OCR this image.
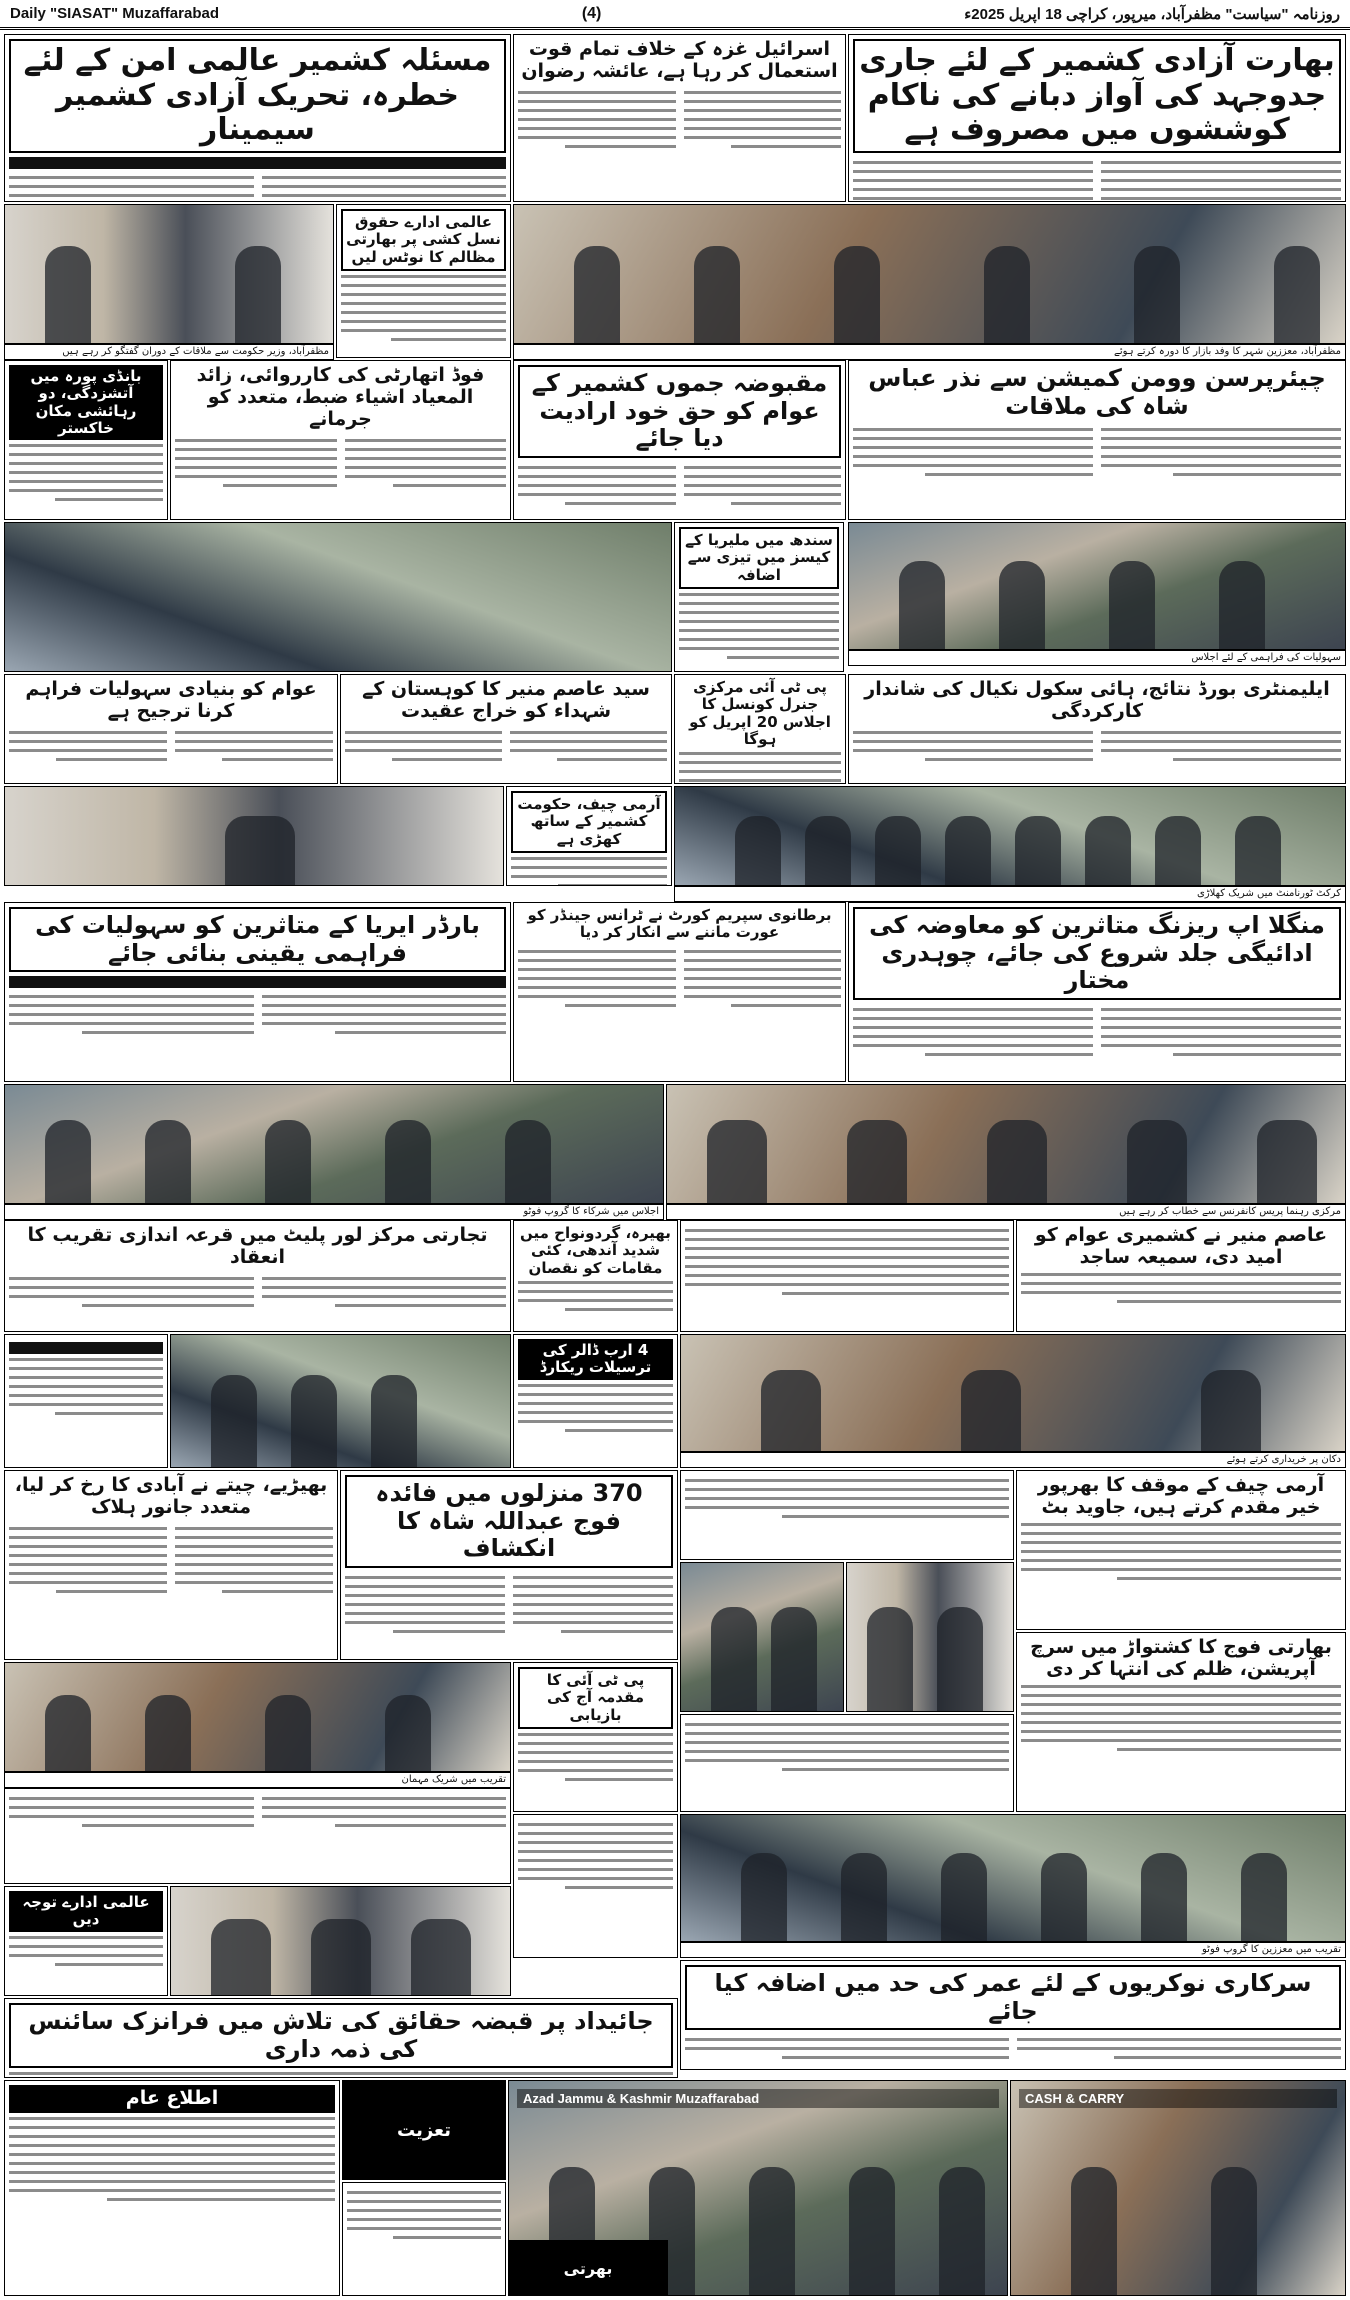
Daily "SIASAT" Muzaffarabad	(4)	روزنامہ "سیاست" مظفرآباد، میرپور، کراچی 18 اپریل 2025ء
بھارت آزادی کشمیر کے لئے جاری جدوجہد کی آواز دبانے کی ناکام کوششوں میں مصروف ہے
اسرائیل غزہ کے خلاف تمام قوت استعمال کر رہا ہے، عائشہ رضوان
مسئلہ کشمیر عالمی امن کے لئے خطرہ، تحریک آزادی کشمیر سیمینار
مظفرآباد، معززین شہر کا وفد بازار کا دورہ کرتے ہوئے
مظفرآباد، وزیر حکومت سے ملاقات کے دوران گفتگو کر رہے ہیں
عالمی ادارے حقوق نسل کشی پر بھارتی مظالم کا نوٹس لیں
چیئرپرسن وومن کمیشن سے نذر عباس شاہ کی ملاقات
مقبوضہ جموں کشمیر کے عوام کو حق خود ارادیت دیا جائے
فوڈ اتھارٹی کی کارروائی، زائد المعیاد اشیاء ضبط، متعدد کو جرمانے
بانڈی پورہ میں آتشزدگی، دو رہائشی مکان خاکستر
سندھ میں ملیریا کے کیسز میں تیزی سے اضافہ
سہولیات کی فراہمی کے لئے اجلاس
ایلیمنٹری بورڈ نتائج، ہائی سکول نکیال کی شاندار کارکردگی
پی ٹی آئی مرکزی جنرل کونسل کا اجلاس 20 اپریل کو ہوگا
سید عاصم منیر کا کوہستان کے شہداء کو خراج عقیدت
عوام کو بنیادی سہولیات فراہم کرنا ترجیح ہے
آرمی چیف، حکومت کشمیر کے ساتھ کھڑی ہے
کرکٹ ٹورنامنٹ میں شریک کھلاڑی
منگلا اپ ریزنگ متاثرین کو معاوضہ کی ادائیگی جلد شروع کی جائے، چوہدری مختار
برطانوی سپریم کورٹ نے ٹرانس جینڈر کو عورت ماننے سے انکار کر دیا
بارڈر ایریا کے متاثرین کو سہولیات کی فراہمی یقینی بنائی جائے
اجلاس میں شرکاء کا گروپ فوٹو	مرکزی رہنما پریس کانفرنس سے خطاب کر رہے ہیں
عاصم منیر نے کشمیری عوام کو امید دی، سمیعہ ساجد
بھیرہ، گردونواح میں شدید آندھی، کئی مقامات کو نقصان
تجارتی مرکز لور پلیٹ میں قرعہ اندازی تقریب کا انعقاد
دکان پر خریداری کرتے ہوئے
4 ارب ڈالر کی ترسیلات ریکارڈ
آرمی چیف کے موقف کا بھرپور خیر مقدم کرتے ہیں، جاوید بٹ
370 منزلوں میں فائدہ فوج عبداللہ شاہ کا انکشاف
بھیڑیے، چیتے نے آبادی کا رخ کر لیا، متعدد جانور ہلاک
بھارتی فوج کا کشتواڑ میں سرچ آپریشن، ظلم کی انتہا کر دی
پی ٹی آئی کا مقدمہ آج کی بازیابی
تقریب میں شریک مہمان
تقریب میں معززین کا گروپ فوٹو
عالمی ادارے توجہ دیں
سرکاری نوکریوں کے لئے عمر کی حد میں اضافہ کیا جائے
جائیداد پر قبضہ حقائق کی تلاش میں فرانزک سائنس کی ذمہ داری
اطلاع عام
تعزیت
Azad Jammu & Kashmir Muzaffarabad	CASH & CARRY
بھرتی
